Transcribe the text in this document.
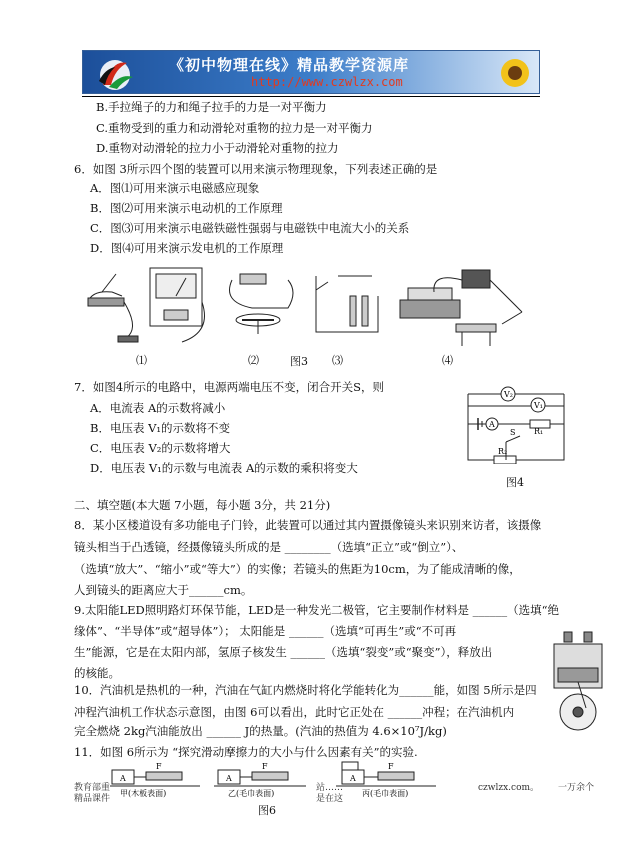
《初中物理在线》精品教学资源库
http://www.czwlzx.com
B.手拉绳子的力和绳子拉手的力是一对平衡力
C.重物受到的重力和动滑轮对重物的拉力是一对平衡力
D.重物对动滑轮的拉力小于动滑轮对重物的拉力
6．如图 3所示四个图的装置可以用来演示物理现象，下列表述正确的是
A．图⑴可用来演示电磁感应现象
B．图⑵可用来演示电动机的工作原理
C．图⑶可用来演示电磁铁磁性强弱与电磁铁中电流大小的关系
D．图⑷可用来演示发电机的工作原理
⑴	⑵	图3 ⑶	⑷
7．如图4所示的电路中，电源两端电压不变，闭合开关S，则
A．电流表 A的示数将减小
B．电压表 V₁的示数将不变
C．电压表 V₂的示数将增大
D．电压表 V₁的示数与电流表 A的示数的乘积将变大
V₂
V₁
A
S R₁
R₂
图4
二、填空题(本大题 7小题，每小题 3分，共 21分)
8．某小区楼道设有多功能电子门铃，此装置可以通过其内置摄像镜头来识别来访者，该摄像
镜头相当于凸透镜，经摄像镜头所成的是 ________（选填“正立”或“倒立”）、
（选填“放大”、“缩小”或“等大”）的实像；若镜头的焦距为10cm，为了能成清晰的像，
人到镜头的距离应大于______cm。
9.太阳能LED照明路灯环保节能，LED是一种发光二极管，它主要制作材料是 ______（选填“绝
缘体”、“半导体”或“超导体”）； 太阳能是 ______（选填“可再生”或“不可再
生”能源，它是在太阳内部，氢原子核发生 ______（选填“裂变”或“聚变”），释放出
的核能。
10．汽油机是热机的一种，汽油在气缸内燃烧时将化学能转化为______能，如图 5所示是四
冲程汽油机工作状态示意图，由图 6可以看出，此时它正处在 ______冲程；在汽油机内
完全燃烧 2kg汽油能放出 ______ J的热量。(汽油的热值为 4.6×10⁷J/kg)
11．如图 6所示为 “探究滑动摩擦力的大小与什么因素有关”的实验.
A	A	A
F	F	F
甲(木板表面)	乙(毛巾表面)	丙(毛巾表面)
图6
教育部重
精品课件
站……
是在这
czwlzx.com。 一万余个
